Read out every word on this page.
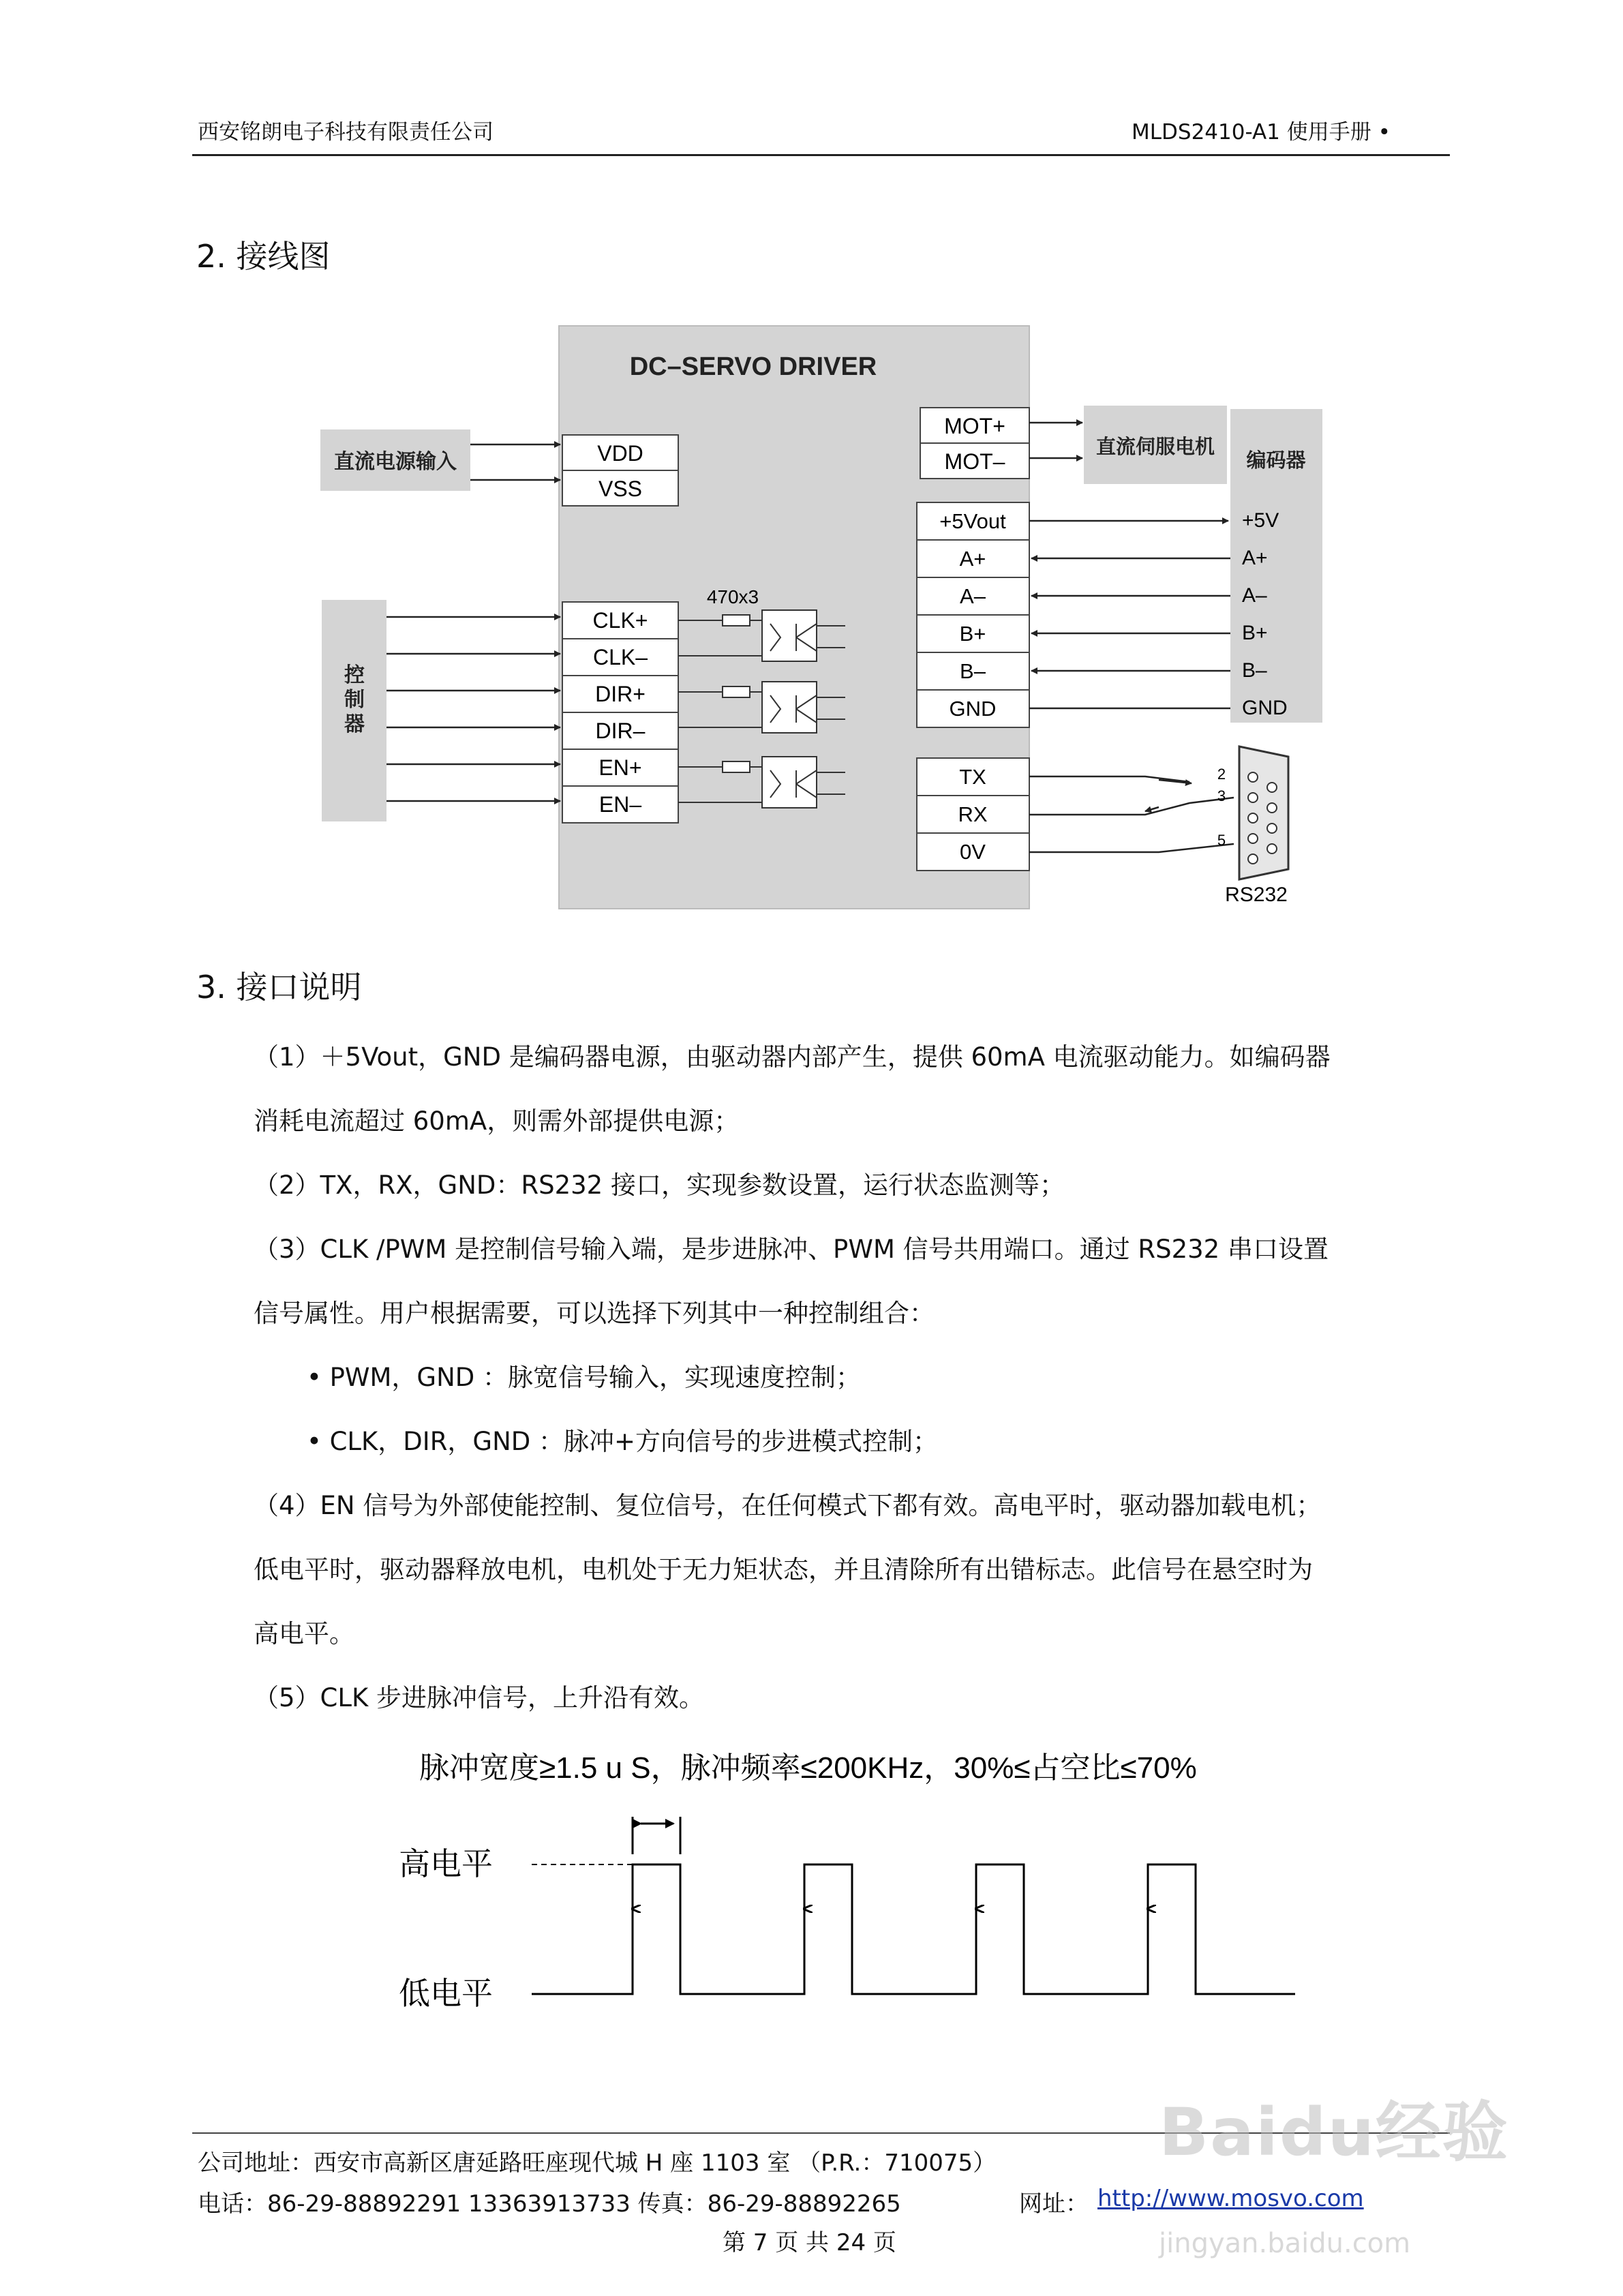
西安铭朗电子科技有限责任公司	MLDS2410-A1 使用手册 •
2. 接线图
DC–SERVO DRIVER
直流电源输入
控
制
器
VDD
VSS
CLK+
CLK–
DIR+
DIR–
EN+
EN–
470x3
MOT+
MOT–
直流伺服电机
编码器
+5V
A+
A–
B+
B–
GND
+5Vout
A+
A–
B+
B–
GND
TX
RX
0V
2
3
5
RS232
3. 接口说明

（1）＋5Vout，GND 是编码器电源，由驱动器内部产生，提供 60mA 电流驱动能力。如编码器

消耗电流超过 60mA，则需外部提供电源；

（2）TX，RX，GND：RS232 接口，实现参数设置，运行状态监测等；

（3）CLK /PWM 是控制信号输入端，是步进脉冲、PWM 信号共用端口。通过 RS232 串口设置

信号属性。用户根据需要，可以选择下列其中一种控制组合：

• PWM，GND ：脉宽信号输入，实现速度控制；

• CLK，DIR，GND ：脉冲+方向信号的步进模式控制；

（4）EN 信号为外部使能控制、复位信号，在任何模式下都有效。高电平时，驱动器加载电机；

低电平时，驱动器释放电机，电机处于无力矩状态，并且清除所有出错标志。此信号在悬空时为

高电平。

（5）CLK 步进脉冲信号，上升沿有效。

脉冲宽度≥1.5 u S，脉冲频率≤200KHz，30%≤占空比≤70%
高电平
低电平
公司地址：西安市高新区唐延路旺座现代城 H 座 1103 室 （P.R.：710075）
电话：86-29-88892291 13363913733 传真：86-29-88892265	网址： http://www.mosvo.com
第 7 页 共 24 页
Baidu经验
jingyan.baidu.com
